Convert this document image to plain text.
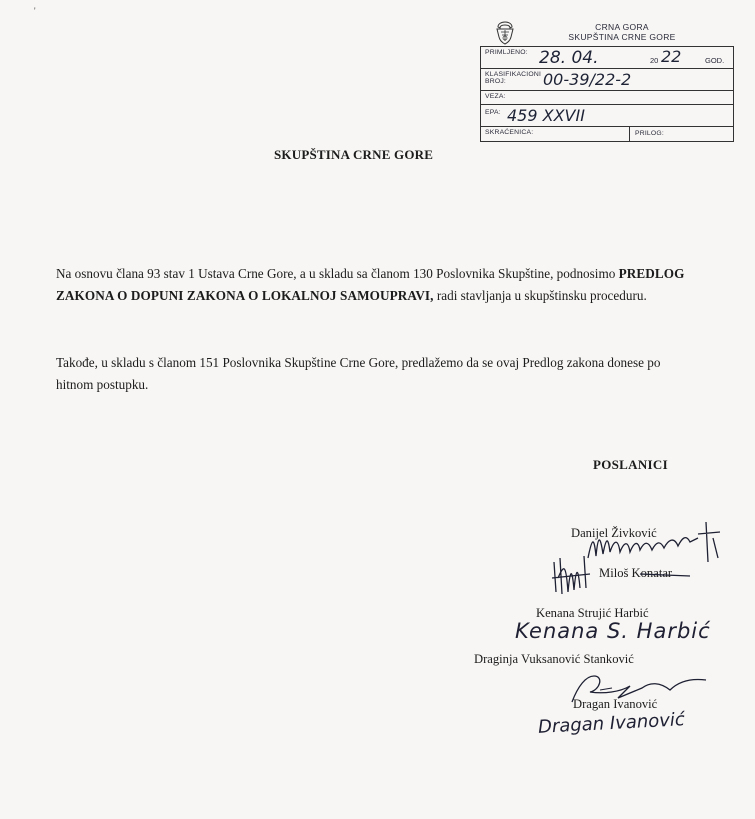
'
CRNA GORA
SKUPŠTINA CRNE GORE
PRIMLJENO: 28. 04.	20 22	GOD.
KLASIFIKACIONI
BROJ:	00-39/22-2
VEZA:
EPA: 459 XXVII
SKRAĆENICA:	PRILOG:
SKUPŠTINA CRNE GORE
Na osnovu člana 93 stav 1 Ustava Crne Gore, a u skladu sa članom 130 Poslovnika Skupštine, podnosimo PREDLOG ZAKONA O DOPUNI ZAKONA O LOKALNOJ SAMOUPRAVI, radi stavljanja u skupštinsku proceduru.
Takođe, u skladu s članom 151 Poslovnika Skupštine Crne Gore, predlažemo da se ovaj Predlog zakona donese po hitnom postupku.
POSLANICI
Danijel Živković
Miloš Konatar
Kenana Strujić Harbić
Kenana S. Harbić
Draginja Vuksanović Stanković
Dragan Ivanović
Dragan Ivanović
